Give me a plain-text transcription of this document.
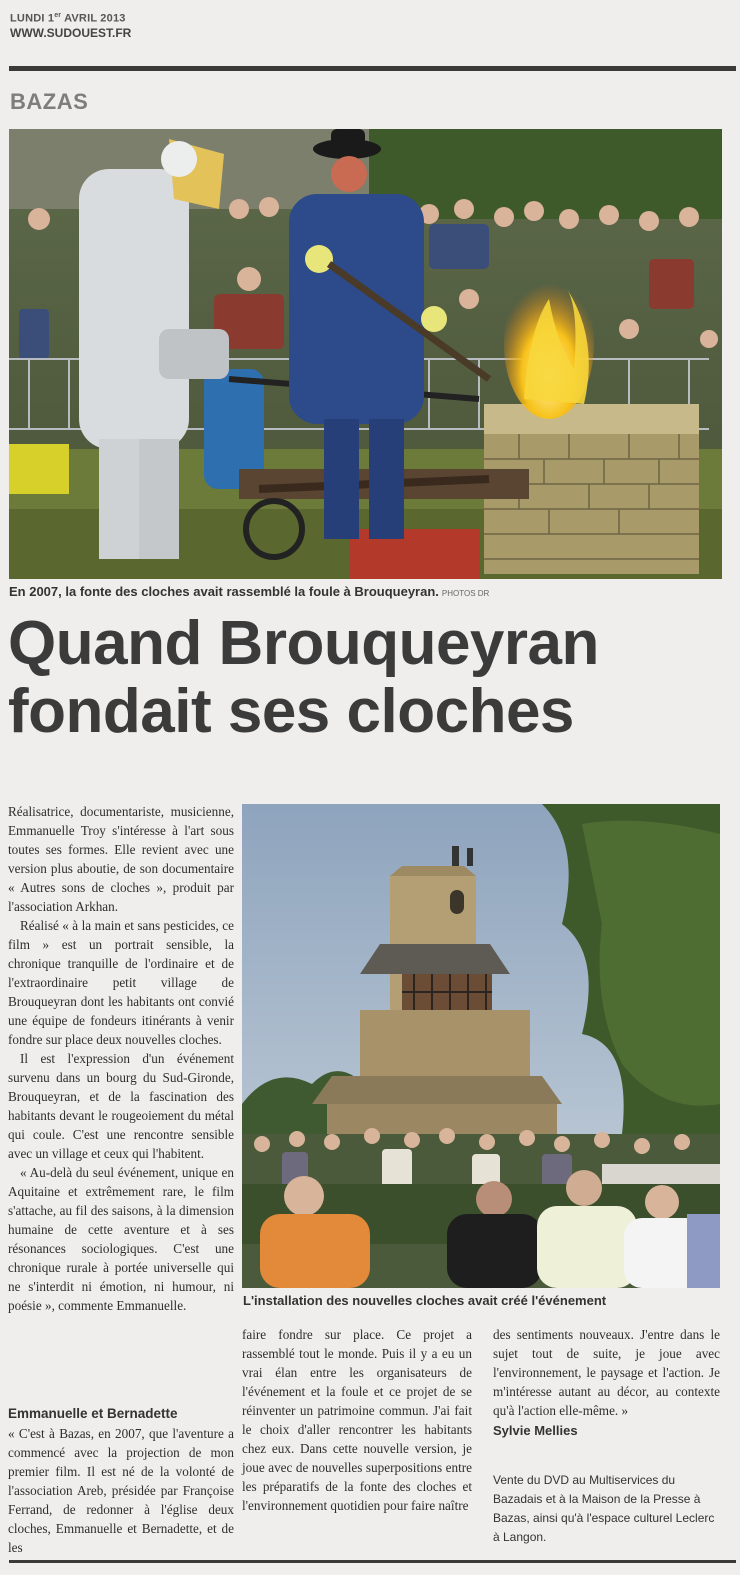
LUNDI 1er AVRIL 2013
WWW.SUDOUEST.FR
BAZAS
En 2007, la fonte des cloches avait rassemblé la foule à Brouqueyran. PHOTOS DR
Quand Brouqueyran
fondait ses cloches
L'installation des nouvelles cloches avait créé l'événement

Réalisatrice, documentariste, musicienne, Emmanuelle Troy s'intéresse à l'art sous toutes ses formes. Elle revient avec une version plus aboutie, de son documentaire « Autres sons de cloches », produit par l'association Arkhan.

Réalisé « à la main et sans pesticides, ce film » est un portrait sensible, la chronique tranquille de l'ordinaire et de l'extraordinaire petit village de Brouqueyran dont les habitants ont convié une équipe de fondeurs itinérants à venir fondre sur place deux nouvelles cloches.

Il est l'expression d'un événement survenu dans un bourg du Sud-Gironde, Brouqueyran, et de la fascination des habitants devant le rougeoiement du métal qui coule. C'est une rencontre sensible avec un village et ceux qui l'habitent.

« Au-delà du seul événement, unique en Aquitaine et extrêmement rare, le film s'attache, au fil des saisons, à la dimension humaine de cette aventure et à ses résonances sociologiques. C'est une chronique rurale à portée universelle qui ne s'interdit ni émotion, ni humour, ni poésie », commente Emmanuelle.

Emmanuelle et Bernadette

« C'est à Bazas, en 2007, que l'aventure a commencé avec la projection de mon premier film. Il est né de la volonté de l'association Areb, présidée par Françoise Ferrand, de redonner à l'église deux cloches, Emmanuelle et Bernadette, et de les

faire fondre sur place. Ce projet a rassemblé tout le monde. Puis il y a eu un vrai élan entre les organisateurs de l'événement et la foule et ce projet de se réinventer un patrimoine commun. J'ai fait le choix d'aller rencontrer les habitants chez eux. Dans cette nouvelle version, je joue avec de nouvelles superpositions entre les préparatifs de la fonte des cloches et l'environnement quotidien pour faire naître

des sentiments nouveaux. J'entre dans le sujet tout de suite, je joue avec l'environnement, le paysage et l'action. Je m'intéresse autant au décor, au contexte qu'à l'action elle-même. »

Sylvie Mellies
Vente du DVD au Multiservices du Bazadais et à la Maison de la Presse à Bazas, ainsi qu'à l'espace culturel Leclerc à Langon.
